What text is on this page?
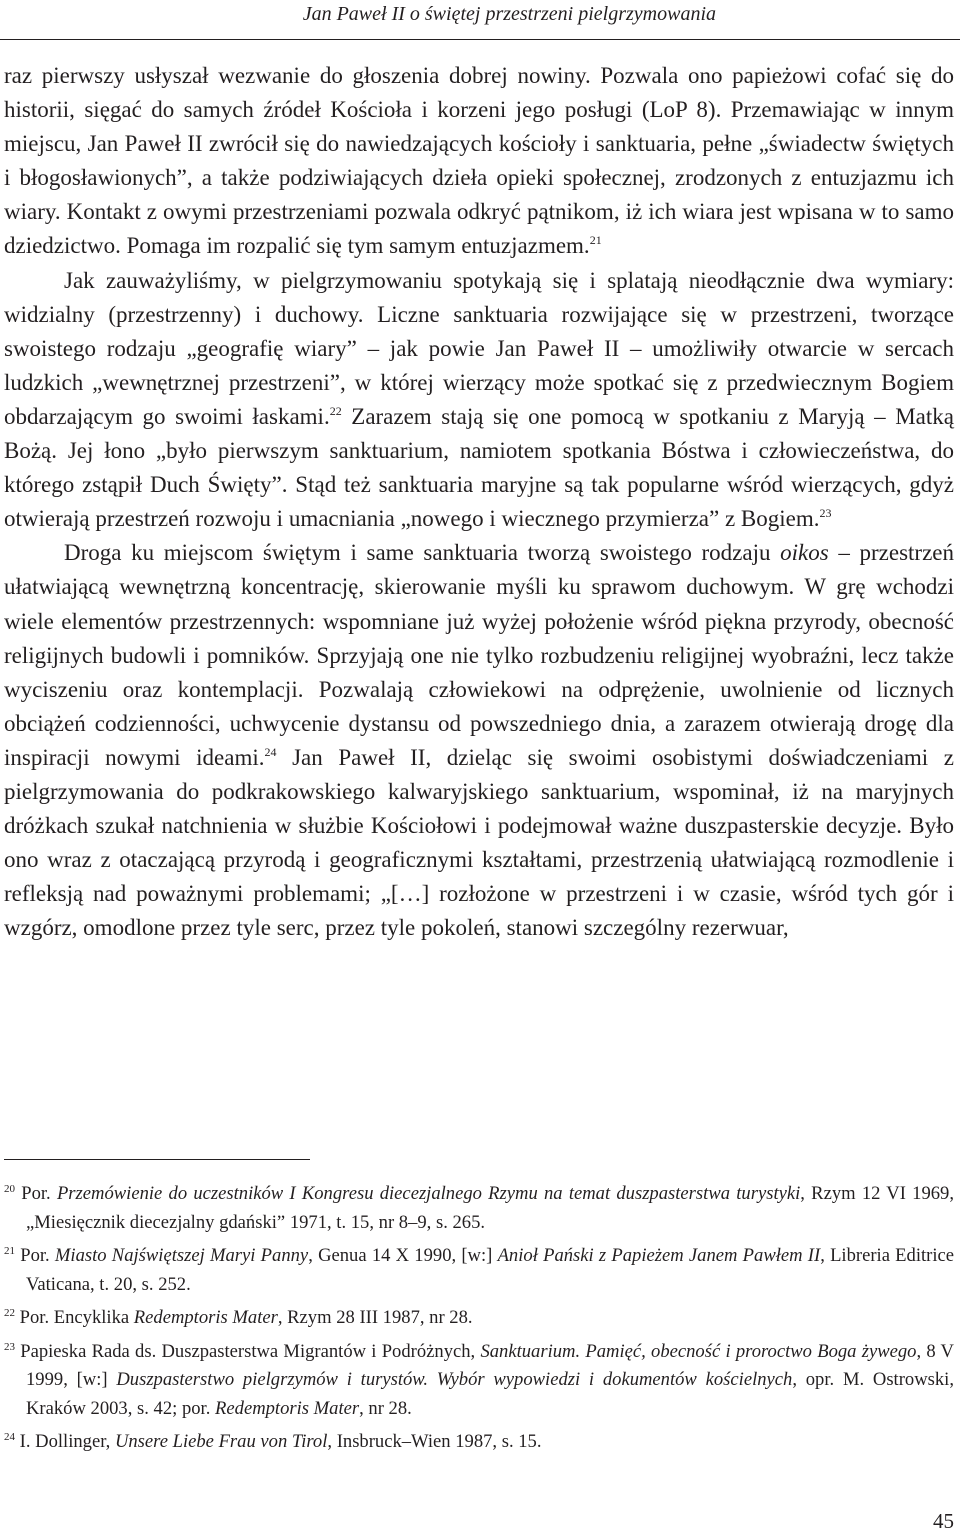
Jan Paweł II o świętej przestrzeni pielgrzymowania

raz pierwszy usłyszał wezwanie do głoszenia dobrej nowiny. Pozwala ono papieżowi cofać się do historii, sięgać do samych źródeł Kościoła i korzeni jego posługi (LoP 8). Przemawiając w innym miejscu, Jan Paweł II zwrócił się do nawiedzających kościoły i sanktuaria, pełne „świadectw świętych i błogosławionych”, a także podziwiających dzieła opieki społecznej, zrodzonych z entuzjazmu ich wiary. Kontakt z owymi przestrzeniami pozwala odkryć pątnikom, iż ich wiara jest wpisana w to samo dziedzictwo. Pomaga im rozpalić się tym samym entuzjazmem.$^{21}$

Jak zauważyliśmy, w pielgrzymowaniu spotykają się i splatają nieodłącznie dwa wymiary: widzialny (przestrzenny) i duchowy. Liczne sanktuaria rozwijające się w przestrzeni, tworzące swoistego rodzaju „geografię wiary” – jak powie Jan Paweł II – umożliwiły otwarcie w sercach ludzkich „wewnętrznej przestrzeni”, w której wierzący może spotkać się z przedwiecznym Bogiem obdarzającym go swoimi łaskami.$^{22}$ Zarazem stają się one pomocą w spotkaniu z Maryją – Matką Bożą. Jej łono „było pierwszym sanktuarium, namiotem spotkania Bóstwa i człowieczeństwa, do którego zstąpił Duch Święty”. Stąd też sanktuaria maryjne są tak popularne wśród wierzących, gdyż otwierają przestrzeń rozwoju i umacniania „nowego i wiecznego przymierza” z Bogiem.$^{23}$

Droga ku miejscom świętym i same sanktuaria tworzą swoistego rodzaju oikos – przestrzeń ułatwiającą wewnętrzną koncentrację, skierowanie myśli ku sprawom duchowym. W grę wchodzi wiele elementów przestrzennych: wspomniane już wyżej położenie wśród piękna przyrody, obecność religijnych budowli i pomników. Sprzyjają one nie tylko rozbudzeniu religijnej wyobraźni, lecz także wyciszeniu oraz kontemplacji. Pozwalają człowiekowi na odprężenie, uwolnienie od licznych obciążeń codzienności, uchwycenie dystansu od powszedniego dnia, a zarazem otwierają drogę dla inspiracji nowymi ideami.$^{24}$ Jan Paweł II, dzieląc się swoimi osobistymi doświadczeniami z pielgrzymowania do podkrakowskiego kalwaryjskiego sanktuarium, wspominał, iż na maryjnych dróżkach szukał natchnienia w służbie Kościołowi i podejmował ważne duszpasterskie decyzje. Było ono wraz z otaczającą przyrodą i geograficznymi kształtami, przestrzenią ułatwiającą rozmodlenie i refleksją nad poważnymi problemami; „[…] rozłożone w przestrzeni i w czasie, wśród tych gór i wzgórz, omodlone przez tyle serc, przez tyle pokoleń, stanowi szczególny rezerwuar,

$^{20}$ Por. Przemówienie do uczestników I Kongresu diecezjalnego Rzymu na temat duszpasterstwa turystyki, Rzym 12 VI 1969, „Miesięcznik diecezjalny gdański” 1971, t. 15, nr 8–9, s. 265.

$^{21}$ Por. Miasto Najświętszej Maryi Panny, Genua 14 X 1990, [w:] Anioł Pański z Papieżem Janem Pawłem II, Libreria Editrice Vaticana, t. 20, s. 252.

$^{22}$ Por. Encyklika Redemptoris Mater, Rzym 28 III 1987, nr 28.

$^{23}$ Papieska Rada ds. Duszpasterstwa Migrantów i Podróżnych, Sanktuarium. Pamięć, obecność i proroctwo Boga żywego, 8 V 1999, [w:] Duszpasterstwo pielgrzymów i turystów. Wybór wypowiedzi i dokumentów kościelnych, opr. M. Ostrowski, Kraków 2003, s. 42; por. Redemptoris Mater, nr 28.

$^{24}$ I. Dollinger, Unsere Liebe Frau von Tirol, Insbruck–Wien 1987, s. 15.

45
